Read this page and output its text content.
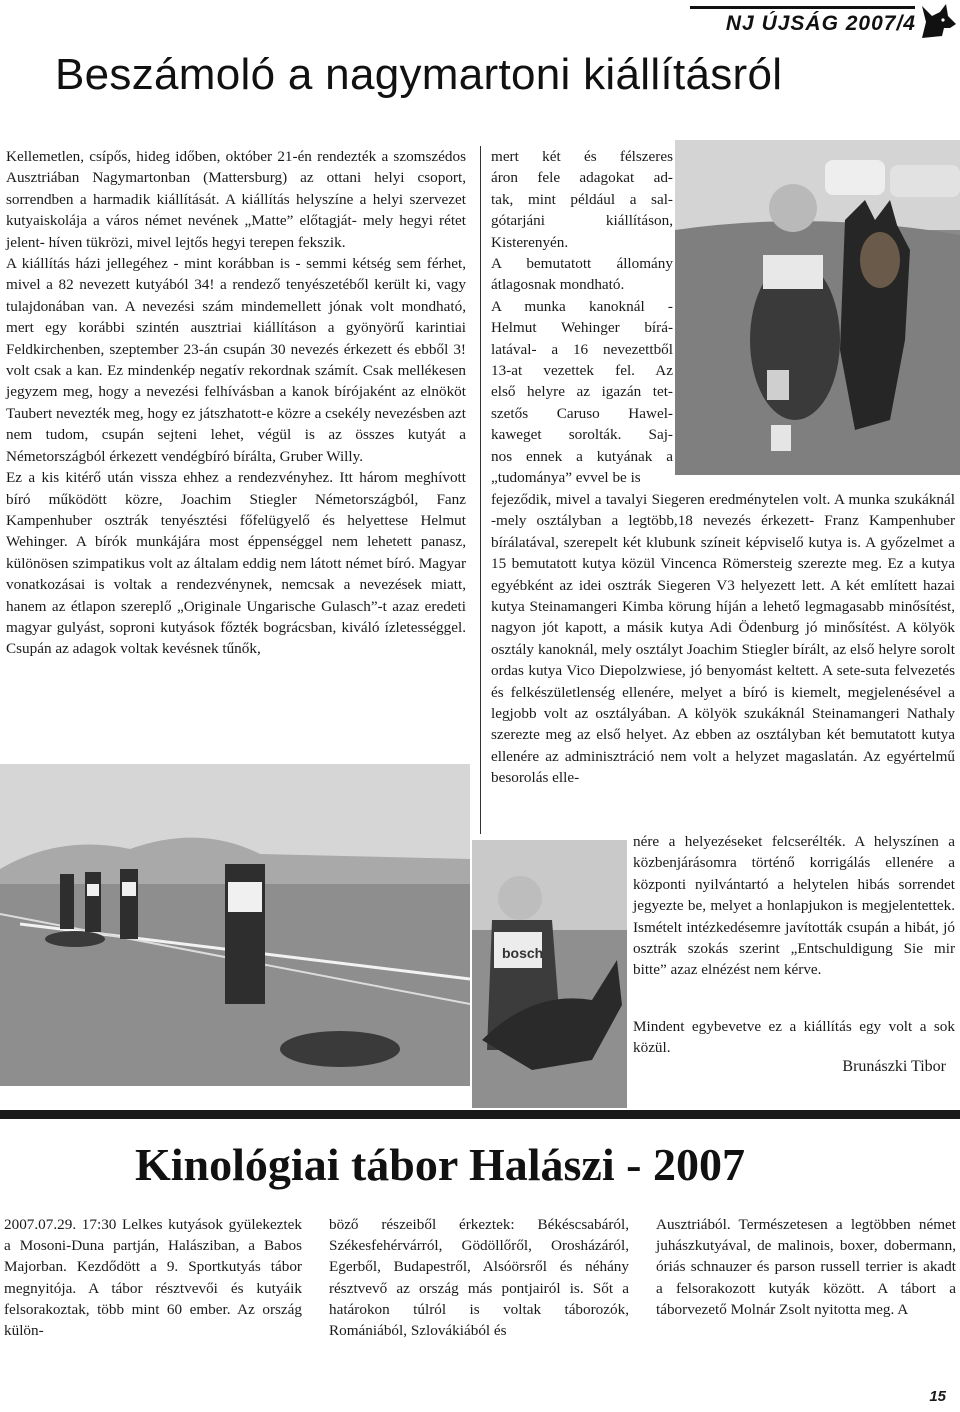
NJ ÚJSÁG 2007/4
Beszámoló a nagymartoni kiállításról

Kellemetlen, csípős, hideg időben, október 21-én rendezték a szomszédos Ausztriában Nagymartonban (Mattersburg) az ottani helyi csoport, sorrendben a harmadik kiállítását. A kiállítás helyszíne a helyi szervezet kutyaiskolája a város német nevének „Matte” előtagját- mely hegyi rétet jelent- híven tükrözi, mivel lejtős hegyi terepen fekszik.

A kiállítás házi jellegéhez - mint korábban is - semmi kétség sem férhet, mivel a 82 nevezett kutyából 34! a rendező tenyészetéből került ki, vagy tulajdonában van. A nevezési szám mindemellett jónak volt mondható, mert egy korábbi szintén ausztriai kiállításon a gyönyörű karintiai Feldkirchenben, szeptember 23-án csupán 30 nevezés érkezett és ebből 3! volt csak a kan. Ez mindenkép negatív rekordnak számít. Csak mellékesen jegyzem meg, hogy a nevezési felhívásban a kanok bírójaként az elnököt Taubert nevezték meg, hogy ez játszhatott-e közre a csekély nevezésben azt nem tudom, csupán sejteni lehet, végül is az összes kutyát a Németországból érkezett vendégbíró bírálta, Gruber Willy.

Ez a kis kitérő után vissza ehhez a rendezvényhez. Itt három meghívott bíró működött közre, Joachim Stiegler Németországból, Fanz Kampenhuber osztrák tenyésztési főfelügyelő és helyettese Helmut Wehinger. A bírók munkájára most éppenséggel nem lehetett panasz, különösen szimpatikus volt az általam eddig nem látott német bíró. Magyar vonatkozásai is voltak a rendezvénynek, nemcsak a nevezések miatt, hanem az étlapon szereplő „Originale Ungarische Gulasch”-t azaz eredeti magyar gulyást, soproni kutyások főzték bográcsban, kiváló ízletességgel. Csupán az adagok voltak kevésnek tűnők,

mert két és félszeres
áron fele adagokat ad-
tak, mint például a sal-
gótarjáni kiállításon,
Kisterenyén.
A bemutatott állomány
átlagosnak mondható.
A munka kanoknál -
Helmut Wehinger bírá-
latával- a 16 nevezettből
13-at vezettek fel. Az
első helyre az igazán tet-
szetős Caruso Hawel-
kaweget sorolták. Saj-
nos ennek a kutyának a
„tudománya” evvel be is
fejeződik, mivel a tavalyi Siegeren eredménytelen volt. A munka szukáknál -mely osztályban a legtöbb,18 nevezés érkezett- Franz Kampenhuber bírálatával, szerepelt két klubunk színeit képviselő kutya is. A győzelmet a 15 bemutatott kutya közül Vincenca Römersteig szerezte meg. Ez a kutya egyébként az idei osztrák Siegeren V3 helyezett lett. A két említett hazai kutya Steinamangeri Kimba körung híján a lehető legmagasabb minősítést, nagyon jót kapott, a másik kutya Adi Ödenburg jó minősítést. A kölyök osztály kanoknál, mely osztályt Joachim Stiegler bírált, az első helyre sorolt ordas kutya Vico Diepolzwiese, jó benyomást keltett. A sete-suta felvezetés és felkészületlenség ellenére, melyet a bíró is kiemelt, megjelenésével a legjobb volt az osztályában. A kölyök szukáknál Steinamangeri Nathaly szerezte meg az első helyet. Az ebben az osztályban két bemutatott kutya ellenére az adminisztráció nem volt a helyzet magaslatán. Az egyértelmű besorolás elle-
bosch
nére a helyezéseket felcserélték. A helyszínen a közbenjárásomra történő korrigálás ellenére a központi nyilvántartó a helytelen hibás sorrendet jegyezte be, melyet a honlapjukon is megjelentettek. Ismételt intézkedésemre javították csupán a hibát, jó osztrák szokás szerint „Entschuldigung Sie mir bitte” azaz elnézést nem kérve.
Mindent egybevetve ez a kiállítás egy volt a sok közül.
Brunászki Tibor
Kinológiai tábor Halászi - 2007
2007.07.29. 17:30 Lelkes kutyások gyülekeztek a Mosoni-Duna partján, Halásziban, a Babos Majorban. Kezdődött a 9. Sportkutyás tábor megnyitója. A tábor résztvevői és kutyáik felsorakoztak, több mint 60 ember. Az ország külön-
böző részeiből érkeztek: Békéscsabáról, Székesfehérvárról, Gödöllőről, Orosházáról, Egerből, Budapestről, Alsóörsről és néhány résztvevő az ország más pontjairól is. Sőt a határokon túlról is voltak táborozók, Romániából, Szlovákiából és
Ausztriából. Természetesen a legtöbben német juhászkutyával, de malinois, boxer, dobermann, óriás schnauzer és parson russell terrier is akadt a felsorakozott kutyák között. A tábort a táborvezető Molnár Zsolt nyitotta meg. A
15
